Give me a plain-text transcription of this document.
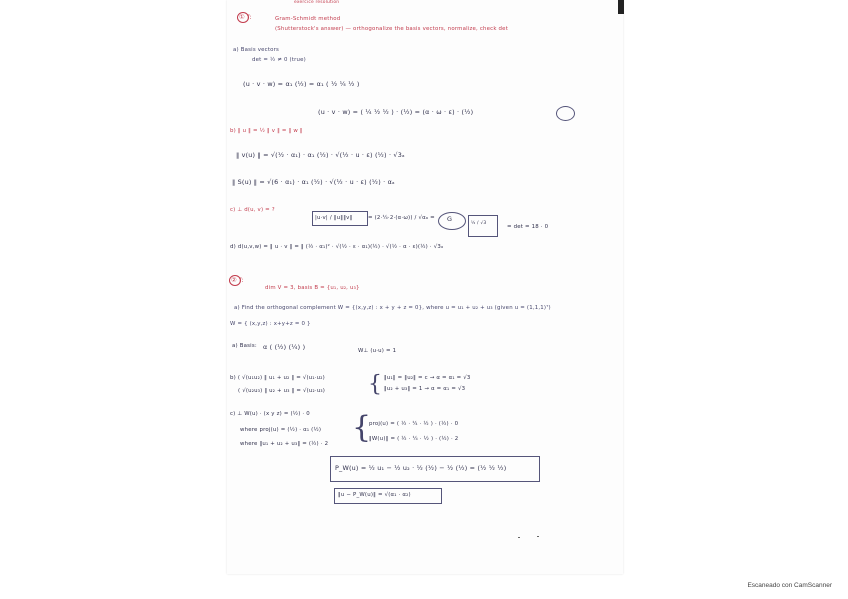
exercice resolution
① f:	Gram-Schmidt method
(Shutterstock's answer) — orthogonalize the basis vectors, normalize, check det
a) Basis vectors
det = ½ ≠ 0 (true)
(u · v · w) = α₁ (½) = α₁ ( ½ ¼ ½ )
(u · v · w) = ( ¼ ½ ½ ) · (½) = (α · ω · ε) · (½)
b) ‖ u ‖ = ½ ‖ v ‖ = ‖ w ‖
‖ v(u) ‖ = √(½ · α₁) · α₁ (½) · √(½ · u · ε) (½) · √3ₐ
‖ S(u) ‖ = √(6 · α₁) · α₁ (½) · √(½ · u · ε) (½) · αₐ
c) ⊥ d(u, v) = ?
|u·v| / ‖u‖‖v‖	= (2·¼·2·(α·ω)) / √αₐ = G
½ / √3
= det = 18 · 0
d) d(u,v,w) = ‖ u · v ‖ = ‖ (½ · α₁)² · √(½ · ε · α₁)(½) · √(½ · α · ε)(½) · √3ₐ
② f:
dim V = 3, basis B = {u₁, u₂, u₃}
a) Find the orthogonal complement W = {(x,y,z) : x + y + z = 0}, where u = u₁ + u₂ + u₃ (given u = (1,1,1)ᵀ)
W = { (x,y,z) : x+y+z = 0 }
a) Basis: α ( (½) (¼) )	W⊥ (u·u) = 1
b) ( √(u₁u₂) ‖ u₁ + u₂ ‖ = √(u₁·u₂)
( √(u₂u₃) ‖ u₂ + u₃ ‖ = √(u₂·u₃) { ‖u₁‖ = ‖u₂‖ = c → α = α₁ = √3
‖u₂ + u₃‖ = 1 → α = α₁ = √3
c) ⊥ W(u) · (x y z) = (½) · 0
where proj(u) = (½) · α₁ (½)
where ‖u₁ + u₂ + u₃‖ = (½) · 2 {
proj(u) = ( ½ · ¼ · ½ ) · (½) · 0
‖W(u)‖ = ( ½ · ¼ · ½ ) · (½) · 2
P_W(u) = ½ u₁ − ½ u₂ · ½ (½) − ½ (½) = (½ ½ ½)
‖u − P_W(u)‖ = √(α₁ · α₂)
Escaneado con CamScanner
